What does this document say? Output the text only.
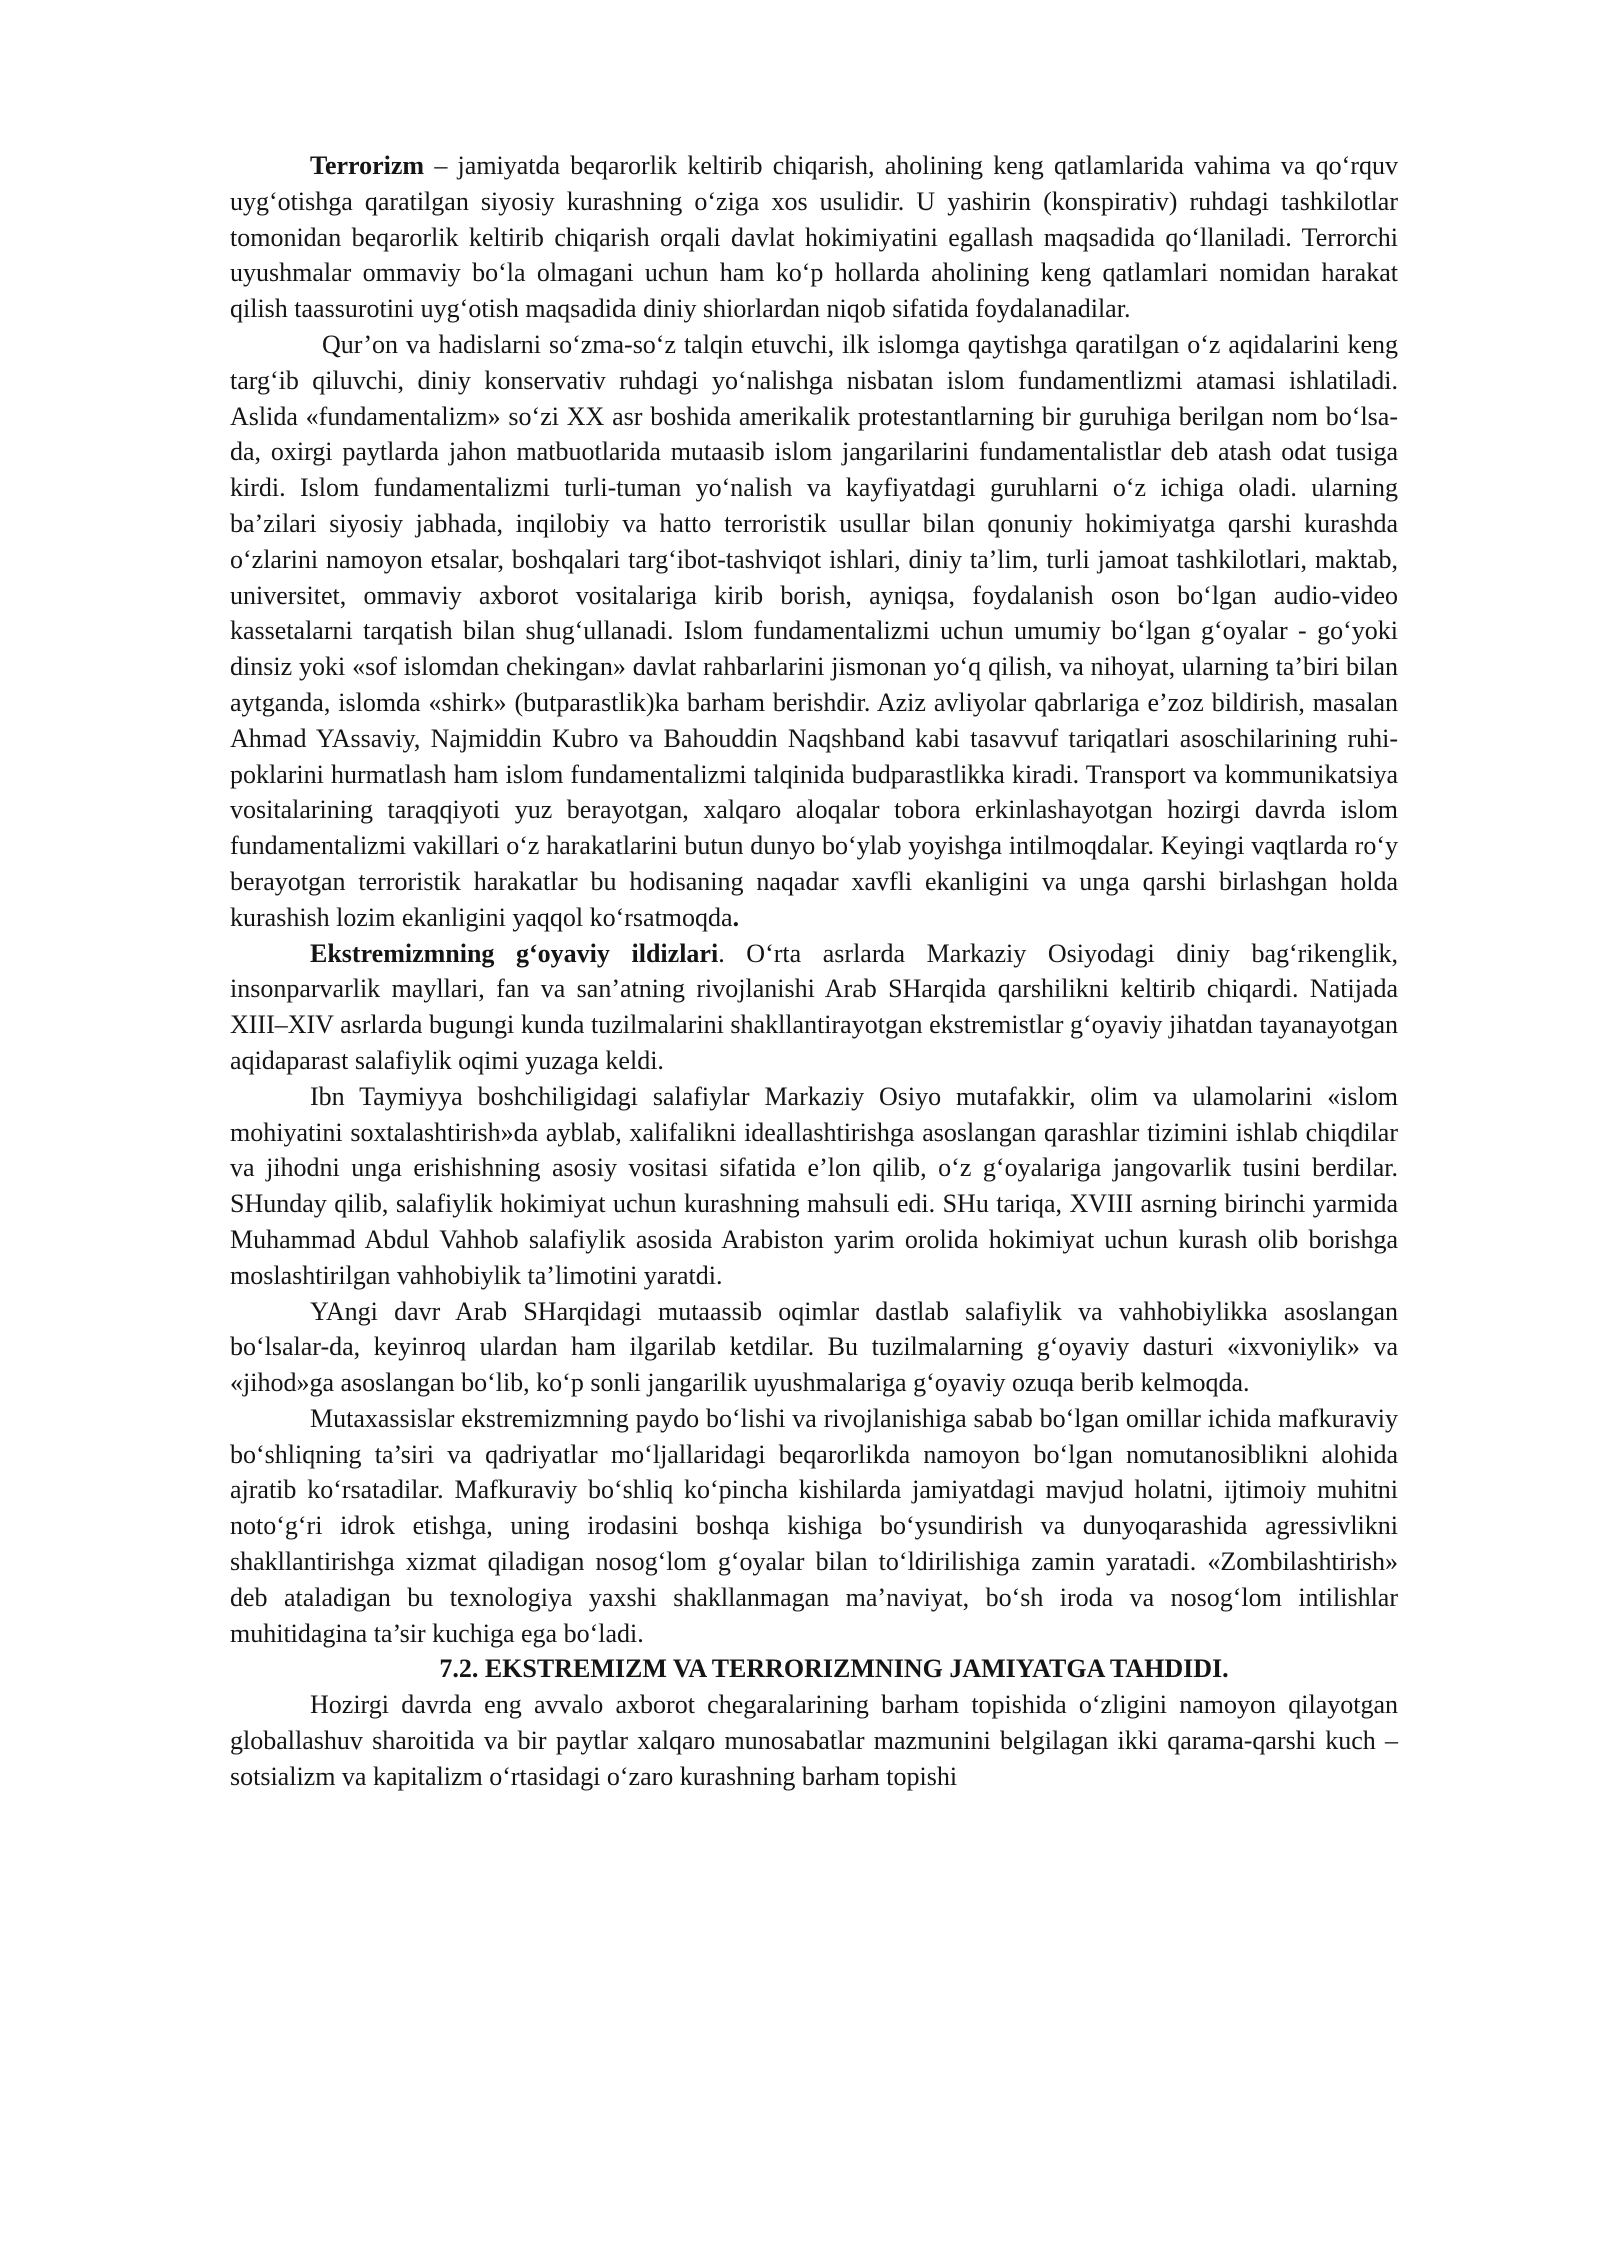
Terrorizm – jamiyatda beqarorlik keltirib chiqarish, aholining keng qatlamlarida vahima va qo‘rquv uyg‘otishga qaratilgan siyosiy kurashning o‘ziga xos usulidir. U yashirin (konspirativ) ruhdagi tashkilotlar tomonidan beqarorlik keltirib chiqarish orqali davlat hokimiyatini egallash maqsadida qo‘llaniladi. Terrorchi uyushmalar ommaviy bo‘la olmagani uchun ham ko‘p hollarda aholining keng qatlamlari nomidan harakat qilish taassurotini uyg‘otish maqsadida diniy shiorlardan niqob sifatida foydalanadilar.

Qur’on va hadislarni so‘zma-so‘z talqin etuvchi, ilk islomga qaytishga qaratilgan o‘z aqidalarini keng targ‘ib qiluvchi, diniy konservativ ruhdagi yo‘nalishga nisbatan islom fundamentlizmi atamasi ishlatiladi. Aslida «fundamentalizm» so‘zi XX asr boshida amerikalik protestantlarning bir guruhiga berilgan nom bo‘lsa-da, oxirgi paytlarda jahon matbuotlarida mutaasib islom jangarilarini fundamentalistlar deb atash odat tusiga kirdi. Islom fundamentalizmi turli-tuman yo‘nalish va kayfiyatdagi guruhlarni o‘z ichiga oladi. ularning ba’zilari siyosiy jabhada, inqilobiy va hatto terroristik usullar bilan qonuniy hokimiyatga qarshi kurashda o‘zlarini namoyon etsalar, boshqalari targ‘ibot-tashviqot ishlari, diniy ta’lim, turli jamoat tashkilotlari, maktab, universitet, ommaviy axborot vositalariga kirib borish, ayniqsa, foydalanish oson bo‘lgan audio-video kassetalarni tarqatish bilan shug‘ullanadi. Islom fundamentalizmi uchun umumiy bo‘lgan g‘oyalar - go‘yoki dinsiz yoki «sof islomdan chekingan» davlat rahbarlarini jismonan yo‘q qilish, va nihoyat, ularning ta’biri bilan aytganda, islomda «shirk» (butparastlik)ka barham berishdir. Aziz avliyolar qabrlariga e’zoz bildirish, masalan Ahmad YAssaviy, Najmiddin Kubro va Bahouddin Naqshband kabi tasavvuf tariqatlari asoschilarining ruhi-poklarini hurmatlash ham islom fundamentalizmi talqinida budparastlikka kiradi. Transport va kommunikatsiya vositalarining taraqqiyoti yuz berayotgan, xalqaro aloqalar tobora erkinlashayotgan hozirgi davrda islom fundamentalizmi vakillari o‘z harakatlarini butun dunyo bo‘ylab yoyishga intilmoqdalar. Keyingi vaqtlarda ro‘y berayotgan terroristik harakatlar bu hodisaning naqadar xavfli ekanligini va unga qarshi birlashgan holda kurashish lozim ekanligini yaqqol ko‘rsatmoqda.

Ekstremizmning g‘oyaviy ildizlari. O‘rta asrlarda Markaziy Osiyodagi diniy bag‘rikenglik, insonparvarlik mayllari, fan va san’atning rivojlanishi Arab SHarqida qarshilikni keltirib chiqardi. Natijada XIII–XIV asrlarda bugungi kunda tuzilmalarini shakllantirayotgan ekstremistlar g‘oyaviy jihatdan tayanayotgan aqidaparast salafiylik oqimi yuzaga keldi.

Ibn Taymiyya boshchiligidagi salafiylar Markaziy Osiyo mutafakkir, olim va ulamolarini «islom mohiyatini soxtalashtirish»da ayblab, xalifalikni ideallashtirishga asoslangan qarashlar tizimini ishlab chiqdilar va jihodni unga erishishning asosiy vositasi sifatida e’lon qilib, o‘z g‘oyalariga jangovarlik tusini berdilar. SHunday qilib, salafiylik hokimiyat uchun kurashning mahsuli edi. SHu tariqa, XVIII asrning birinchi yarmida Muhammad Abdul Vahhob salafiylik asosida Arabiston yarim orolida hokimiyat uchun kurash olib borishga moslashtirilgan vahhobiylik ta’limotini yaratdi.

YAngi davr Arab SHarqidagi mutaassib oqimlar dastlab salafiylik va vahhobiylikka asoslangan bo‘lsalar-da, keyinroq ulardan ham ilgarilab ketdilar. Bu tuzilmalarning g‘oyaviy dasturi «ixvoniylik» va «jihod»ga asoslangan bo‘lib, ko‘p sonli jangarilik uyushmalariga g‘oyaviy ozuqa berib kelmoqda.

Mutaxassislar ekstremizmning paydo bo‘lishi va rivojlanishiga sabab bo‘lgan omillar ichida mafkuraviy bo‘shliqning ta’siri va qadriyatlar mo‘ljallaridagi beqarorlikda namoyon bo‘lgan nomutanosiblikni alohida ajratib ko‘rsatadilar. Mafkuraviy bo‘shliq ko‘pincha kishilarda jamiyatdagi mavjud holatni, ijtimoiy muhitni noto‘g‘ri idrok etishga, uning irodasini boshqa kishiga bo‘ysundirish va dunyoqarashida agressivlikni shakllantirishga xizmat qiladigan nosog‘lom g‘oyalar bilan to‘ldirilishiga zamin yaratadi. «Zombilashtirish» deb ataladigan bu texnologiya yaxshi shakllanmagan ma’naviyat, bo‘sh iroda va nosog‘lom intilishlar muhitidagina ta’sir kuchiga ega bo‘ladi.

7.2. EKSTREMIZM VA TERRORIZMNING JAMIYATGA TAHDIDI.

Hozirgi davrda eng avvalo axborot chegaralarining barham topishida o‘zligini namoyon qilayotgan globallashuv sharoitida va bir paytlar xalqaro munosabatlar mazmunini belgilagan ikki qarama-qarshi kuch – sotsializm va kapitalizm o‘rtasidagi o‘zaro kurashning barham topishi
